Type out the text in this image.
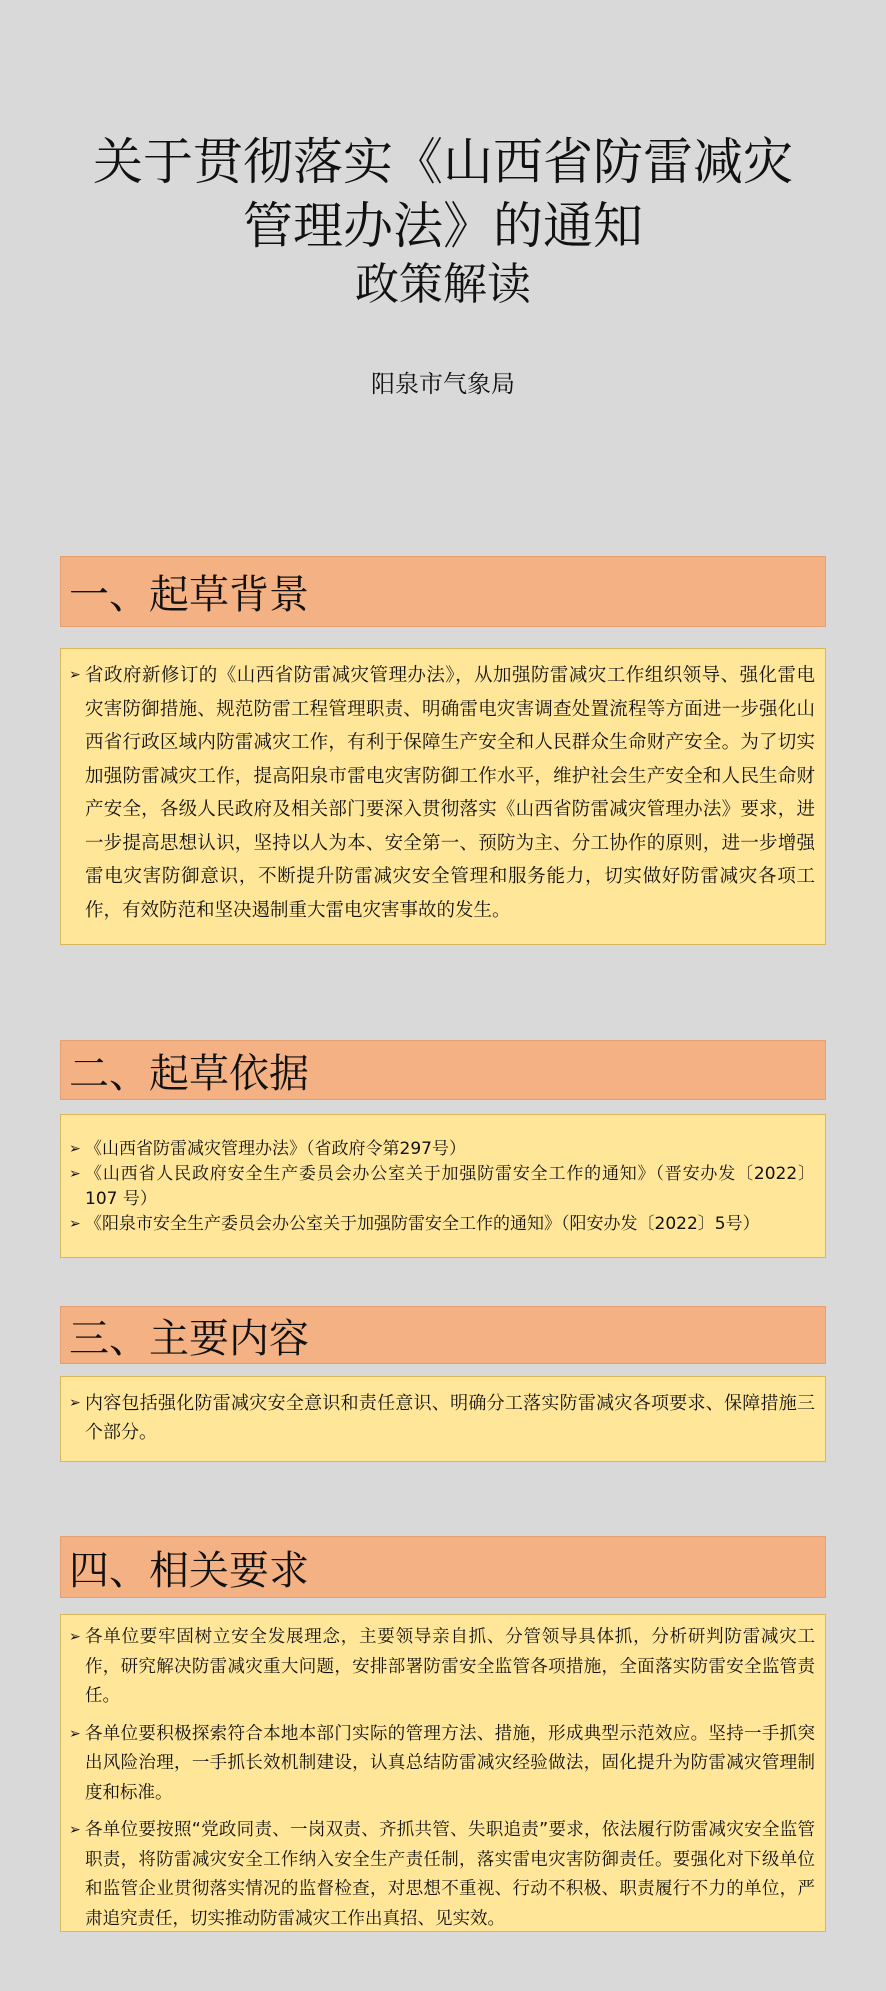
关于贯彻落实《山西省防雷减灾
管理办法》的通知
政策解读
阳泉市气象局
一、起草背景
➢ 省政府新修订的《山西省防雷减灾管理办法》，从加强防雷减灾工作组织领导、强化雷电灾害防御措施、规范防雷工程管理职责、明确雷电灾害调查处置流程等方面进一步强化山西省行政区域内防雷减灾工作，有利于保障生产安全和人民群众生命财产安全。为了切实加强防雷减灾工作，提高阳泉市雷电灾害防御工作水平，维护社会生产安全和人民生命财产安全，各级人民政府及相关部门要深入贯彻落实《山西省防雷减灾管理办法》要求，进一步提高思想认识，坚持以人为本、安全第一、预防为主、分工协作的原则，进一步增强雷电灾害防御意识，不断提升防雷减灾安全管理和服务能力，切实做好防雷减灾各项工作，有效防范和坚决遏制重大雷电灾害事故的发生。
二、起草依据
➢ 《山西省防雷减灾管理办法》（省政府令第297号）
➢ 《山西省人民政府安全生产委员会办公室关于加强防雷安全工作的通知》（晋安办发〔2022〕107 号）
➢ 《阳泉市安全生产委员会办公室关于加强防雷安全工作的通知》（阳安办发〔2022〕5号）
三、主要内容
➢ 内容包括强化防雷减灾安全意识和责任意识、明确分工落实防雷减灾各项要求、保障措施三个部分。
四、相关要求
➢ 各单位要牢固树立安全发展理念，主要领导亲自抓、分管领导具体抓，分析研判防雷减灾工作，研究解决防雷减灾重大问题，安排部署防雷安全监管各项措施，全面落实防雷安全监管责任。
➢ 各单位要积极探索符合本地本部门实际的管理方法、措施，形成典型示范效应。坚持一手抓突出风险治理，一手抓长效机制建设，认真总结防雷减灾经验做法，固化提升为防雷减灾管理制度和标准。
➢ 各单位要按照“党政同责、一岗双责、齐抓共管、失职追责”要求，依法履行防雷减灾安全监管职责，将防雷减灾安全工作纳入安全生产责任制，落实雷电灾害防御责任。要强化对下级单位和监管企业贯彻落实情况的监督检查，对思想不重视、行动不积极、职责履行不力的单位，严肃追究责任，切实推动防雷减灾工作出真招、见实效。
